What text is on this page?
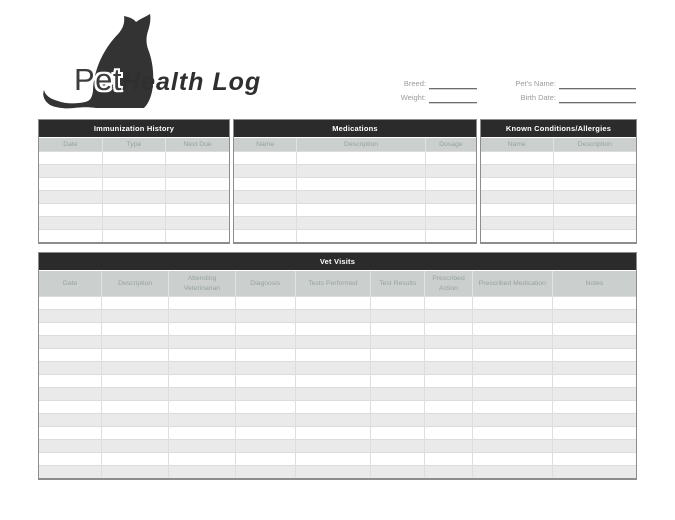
PetHealth Log	Breed:
Weight:
Pet's Name:
Birth Date:
Immunization History
Date	Type	Next Due

Medications
Name	Description	Dosage

Known Conditions/Allergies
Name	Description

Vet Visits
Date	Description	Attending Veterinarian	Diagnosis	Tests Performed	Test Results	Prescribed Action	Prescribed Medication	Notes
